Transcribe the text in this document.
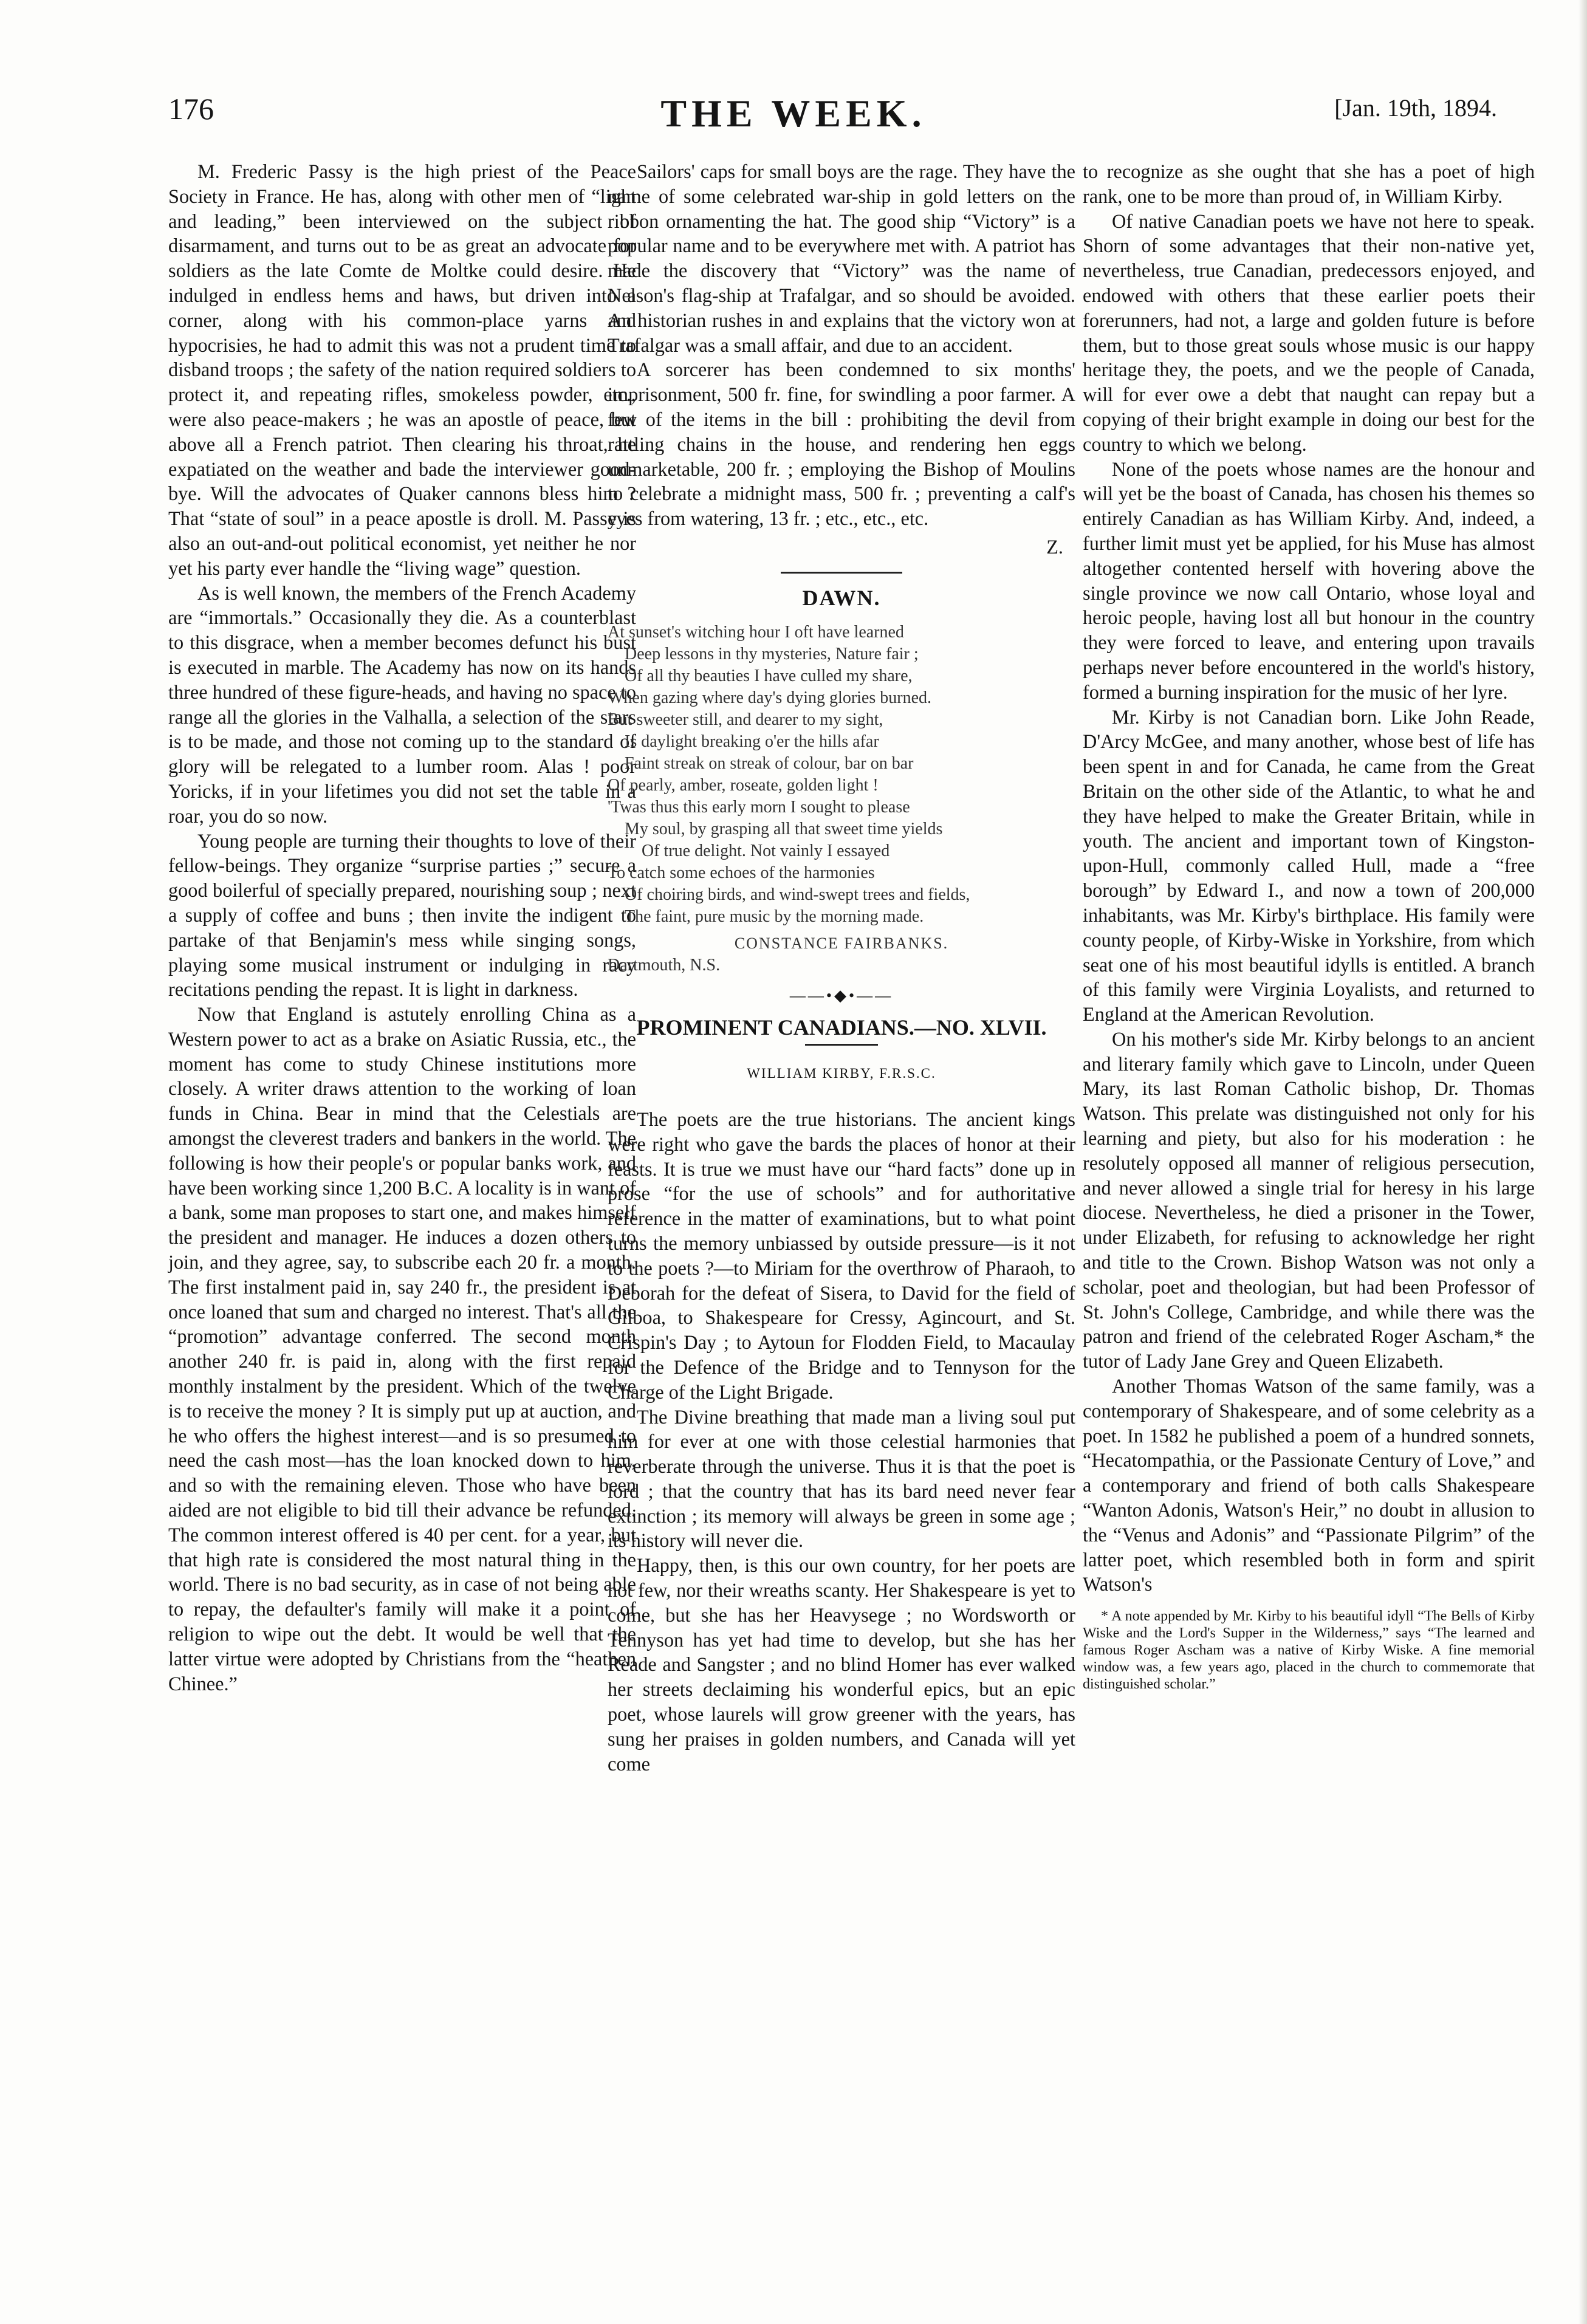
176	THE WEEK.	[Jan. 19th, 1894.

M. Frederic Passy is the high priest of the Peace Society in France. He has, along with other men of “light and leading,” been interviewed on the subject of disarmament, and turns out to be as great an advocate for soldiers as the late Comte de Moltke could desire. He indulged in endless hems and haws, but driven into a corner, along with his common-place yarns and hypocrisies, he had to admit this was not a prudent time to disband troops ; the safety of the nation required soldiers to protect it, and repeating rifles, smokeless powder, etc., were also peace-makers ; he was an apostle of peace, but above all a French patriot. Then clearing his throat, he expatiated on the weather and bade the interviewer good-bye. Will the advocates of Quaker cannons bless him ? That “state of soul” in a peace apostle is droll. M. Passy is also an out-and-out political economist, yet neither he nor yet his party ever handle the “living wage” question.

As is well known, the members of the French Academy are “immortals.” Occasionally they die. As a counterblast to this disgrace, when a member becomes defunct his bust is executed in marble. The Academy has now on its hands three hundred of these figure-heads, and having no space to range all the glories in the Valhalla, a selection of the stars is to be made, and those not coming up to the standard of glory will be relegated to a lumber room. Alas ! poor Yoricks, if in your lifetimes you did not set the table in a roar, you do so now.

Young people are turning their thoughts to love of their fellow-beings. They organize “surprise parties ;” secure a good boilerful of specially prepared, nourishing soup ; next a supply of coffee and buns ; then invite the indigent to partake of that Benjamin's mess while singing songs, playing some musical instrument or indulging in racy recitations pending the repast. It is light in darkness.

Now that England is astutely enrolling China as a Western power to act as a brake on Asiatic Russia, etc., the moment has come to study Chinese institutions more closely. A writer draws attention to the working of loan funds in China. Bear in mind that the Celestials are amongst the cleverest traders and bankers in the world. The following is how their people's or popular banks work, and have been working since 1,200 B.C. A locality is in want of a bank, some man proposes to start one, and makes himself the president and manager. He induces a dozen others to join, and they agree, say, to subscribe each 20 fr. a month. The first instalment paid in, say 240 fr., the president is at once loaned that sum and charged no interest. That's all the “promotion” advantage conferred. The second month another 240 fr. is paid in, along with the first repaid monthly instalment by the president. Which of the twelve is to receive the money ? It is simply put up at auction, and he who offers the highest interest—and is so presumed to need the cash most—has the loan knocked down to him, and so with the remaining eleven. Those who have been aided are not eligible to bid till their advance be refunded. The common interest offered is 40 per cent. for a year, but that high rate is considered the most natural thing in the world. There is no bad security, as in case of not being able to repay, the defaulter's family will make it a point of religion to wipe out the debt. It would be well that the latter virtue were adopted by Christians from the “heathen Chinee.”

Sailors' caps for small boys are the rage. They have the name of some celebrated war-ship in gold letters on the ribbon ornamenting the hat. The good ship “Victory” is a popular name and to be everywhere met with. A patriot has made the discovery that “Victory” was the name of Nelson's flag-ship at Trafalgar, and so should be avoided. An historian rushes in and explains that the victory won at Trafalgar was a small affair, and due to an accident.

A sorcerer has been condemned to six months' imprisonment, 500 fr. fine, for swindling a poor farmer. A few of the items in the bill : prohibiting the devil from rattling chains in the house, and rendering hen eggs unmarketable, 200 fr. ; employing the Bishop of Moulins to celebrate a midnight mass, 500 fr. ; preventing a calf's eyes from watering, 13 fr. ; etc., etc., etc.

Z.
DAWN.
At sunset's witching hour I oft have learned
Deep lessons in thy mysteries, Nature fair ;
Of all thy beauties I have culled my share,
When gazing where day's dying glories burned.
But sweeter still, and dearer to my sight,
Is daylight breaking o'er the hills afar
Faint streak on streak of colour, bar on bar
Of pearly, amber, roseate, golden light !
'Twas thus this early morn I sought to please
My soul, by grasping all that sweet time yields
Of true delight. Not vainly I essayed
To catch some echoes of the harmonies
Of choiring birds, and wind-swept trees and fields,
The faint, pure music by the morning made.
CONSTANCE FAIRBANKS.
Dartmouth, N.S.
——•◆•——
PROMINENT CANADIANS.—NO. XLVII.
WILLIAM KIRBY, F.R.S.C.

The poets are the true historians. The ancient kings were right who gave the bards the places of honor at their feasts. It is true we must have our “hard facts” done up in prose “for the use of schools” and for authoritative reference in the matter of examinations, but to what point turns the memory unbiassed by outside pressure—is it not to the poets ?—to Miriam for the overthrow of Pharaoh, to Deborah for the defeat of Sisera, to David for the field of Gilboa, to Shakespeare for Cressy, Agincourt, and St. Crispin's Day ; to Aytoun for Flodden Field, to Macaulay for the Defence of the Bridge and to Tennyson for the Charge of the Light Brigade.

The Divine breathing that made man a living soul put him for ever at one with those celestial harmonies that reverberate through the universe. Thus it is that the poet is lord ; that the country that has its bard need never fear extinction ; its memory will always be green in some age ; its history will never die.

Happy, then, is this our own country, for her poets are not few, nor their wreaths scanty. Her Shakespeare is yet to come, but she has her Heavysege ; no Wordsworth or Tennyson has yet had time to develop, but she has her Reade and Sangster ; and no blind Homer has ever walked her streets declaiming his wonderful epics, but an epic poet, whose laurels will grow greener with the years, has sung her praises in golden numbers, and Canada will yet come

to recognize as she ought that she has a poet of high rank, one to be more than proud of, in William Kirby.

Of native Canadian poets we have not here to speak. Shorn of some advantages that their non-native yet, nevertheless, true Canadian, predecessors enjoyed, and endowed with others that these earlier poets their forerunners, had not, a large and golden future is before them, but to those great souls whose music is our happy heritage they, the poets, and we the people of Canada, will for ever owe a debt that naught can repay but a copying of their bright example in doing our best for the country to which we belong.

None of the poets whose names are the honour and will yet be the boast of Canada, has chosen his themes so entirely Canadian as has William Kirby. And, indeed, a further limit must yet be applied, for his Muse has almost altogether contented herself with hovering above the single province we now call Ontario, whose loyal and heroic people, having lost all but honour in the country they were forced to leave, and entering upon travails perhaps never before encountered in the world's history, formed a burning inspiration for the music of her lyre.

Mr. Kirby is not Canadian born. Like John Reade, D'Arcy McGee, and many another, whose best of life has been spent in and for Canada, he came from the Great Britain on the other side of the Atlantic, to what he and they have helped to make the Greater Britain, while in youth. The ancient and important town of Kingston-upon-Hull, commonly called Hull, made a “free borough” by Edward I., and now a town of 200,000 inhabitants, was Mr. Kirby's birthplace. His family were county people, of Kirby-Wiske in Yorkshire, from which seat one of his most beautiful idylls is entitled. A branch of this family were Virginia Loyalists, and returned to England at the American Revolution.

On his mother's side Mr. Kirby belongs to an ancient and literary family which gave to Lincoln, under Queen Mary, its last Roman Catholic bishop, Dr. Thomas Watson. This prelate was distinguished not only for his learning and piety, but also for his moderation : he resolutely opposed all manner of religious persecution, and never allowed a single trial for heresy in his large diocese. Nevertheless, he died a prisoner in the Tower, under Elizabeth, for refusing to acknowledge her right and title to the Crown. Bishop Watson was not only a scholar, poet and theologian, but had been Professor of St. John's College, Cambridge, and while there was the patron and friend of the celebrated Roger Ascham,* the tutor of Lady Jane Grey and Queen Elizabeth.

Another Thomas Watson of the same family, was a contemporary of Shakespeare, and of some celebrity as a poet. In 1582 he published a poem of a hundred sonnets, “Hecatompathia, or the Passionate Century of Love,” and a contemporary and friend of both calls Shakespeare “Wanton Adonis, Watson's Heir,” no doubt in allusion to the “Venus and Adonis” and “Passionate Pilgrim” of the latter poet, which resembled both in form and spirit Watson's

* A note appended by Mr. Kirby to his beautiful idyll “The Bells of Kirby Wiske and the Lord's Supper in the Wilderness,” says “The learned and famous Roger Ascham was a native of Kirby Wiske. A fine memorial window was, a few years ago, placed in the church to commemorate that distinguished scholar.”
